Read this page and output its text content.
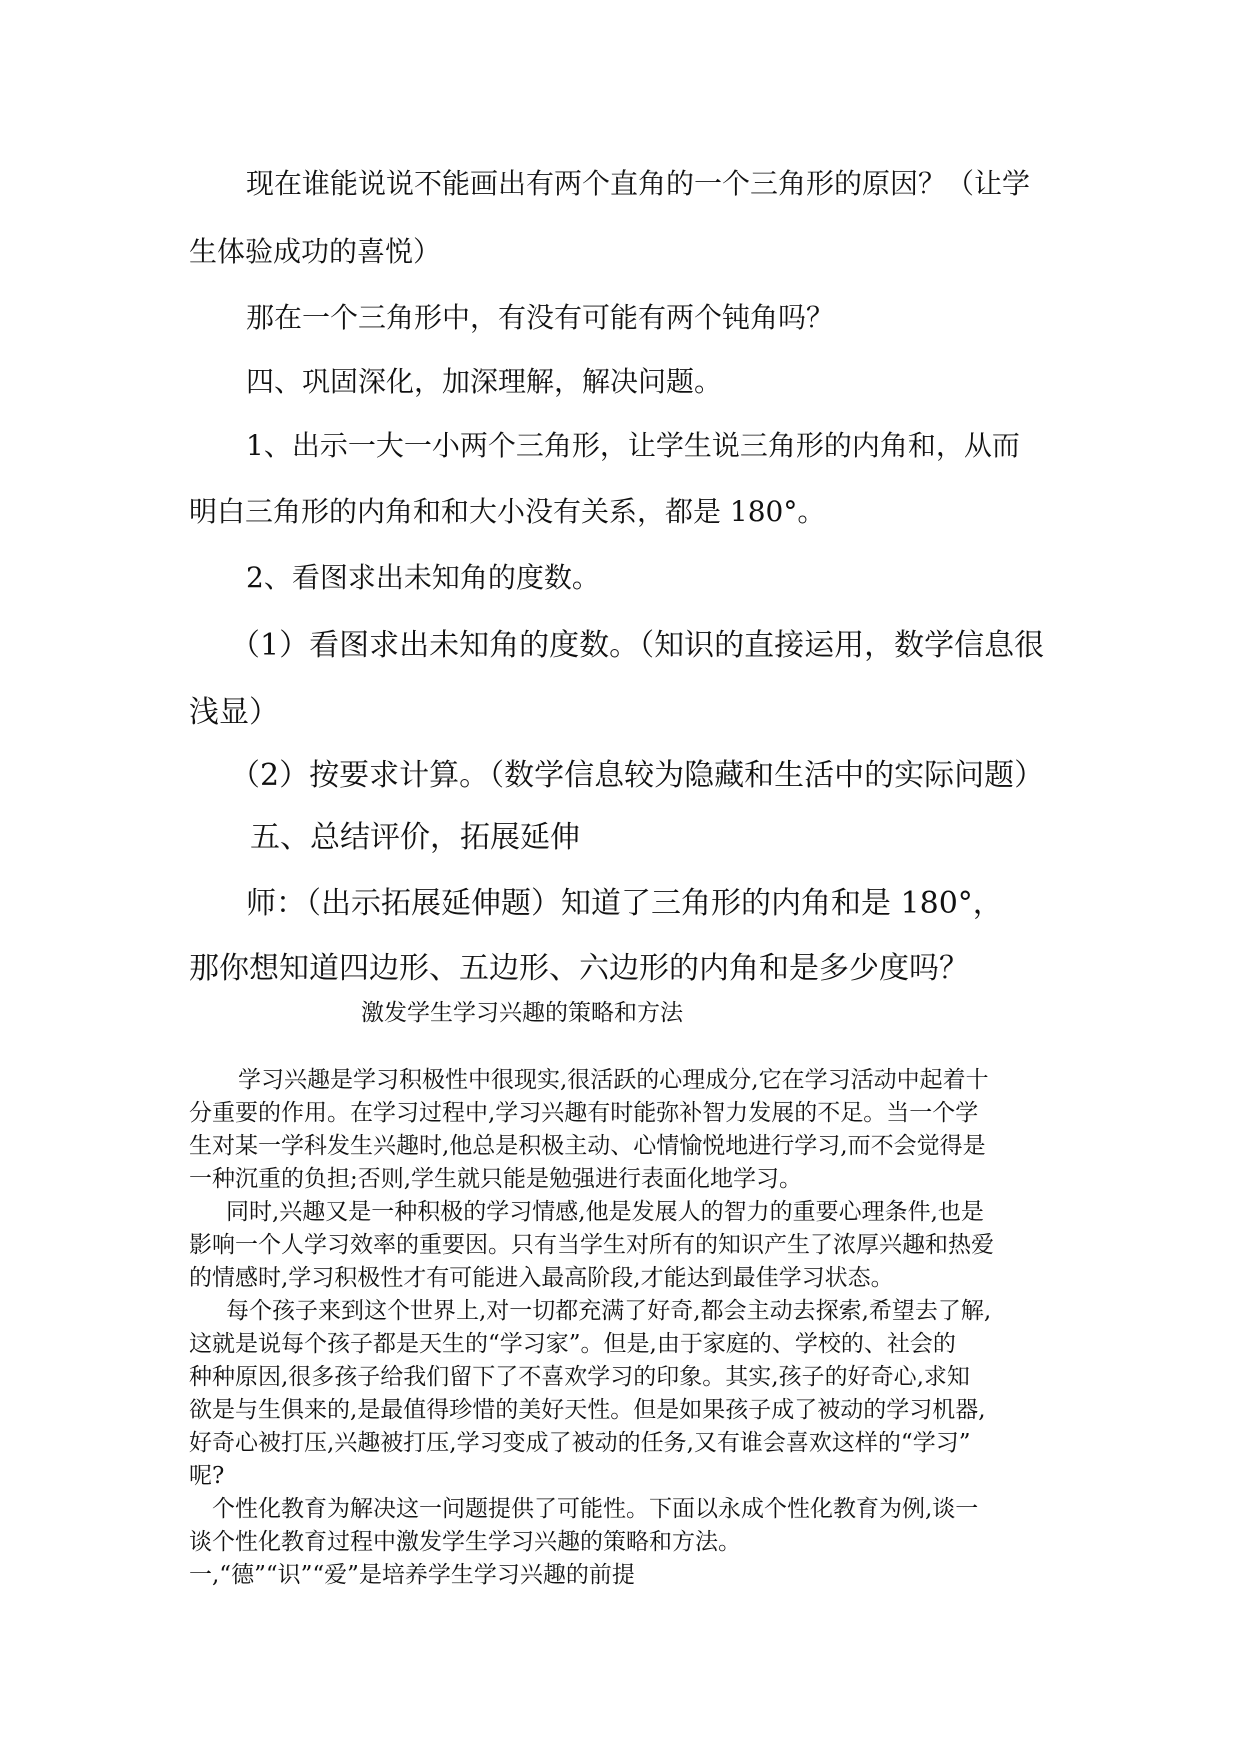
现在谁能说说不能画出有两个直角的一个三角形的原因？（让学

生体验成功的喜悦）

那在一个三角形中，有没有可能有两个钝角吗？

四、巩固深化，加深理解，解决问题。

1、出示一大一小两个三角形，让学生说三角形的内角和，从而

明白三角形的内角和和大小没有关系，都是 180°。

2、看图求出未知角的度数。

（1）看图求出未知角的度数。（知识的直接运用，数学信息很

浅显）

（2）按要求计算。（数学信息较为隐藏和生活中的实际问题）

五、总结评价，拓展延伸

师：（出示拓展延伸题）知道了三角形的内角和是 180°，

那你想知道四边形、五边形、六边形的内角和是多少度吗？

激发学生学习兴趣的策略和方法

学习兴趣是学习积极性中很现实,很活跃的心理成分,它在学习活动中起着十

分重要的作用。在学习过程中,学习兴趣有时能弥补智力发展的不足。当一个学

生对某一学科发生兴趣时,他总是积极主动、心情愉悦地进行学习,而不会觉得是

一种沉重的负担;否则,学生就只能是勉强进行表面化地学习。

同时,兴趣又是一种积极的学习情感,他是发展人的智力的重要心理条件,也是

影响一个人学习效率的重要因。只有当学生对所有的知识产生了浓厚兴趣和热爱

的情感时,学习积极性才有可能进入最高阶段,才能达到最佳学习状态。

每个孩子来到这个世界上,对一切都充满了好奇,都会主动去探索,希望去了解,

这就是说每个孩子都是天生的“学习家”。但是,由于家庭的、学校的、社会的

种种原因,很多孩子给我们留下了不喜欢学习的印象。其实,孩子的好奇心,求知

欲是与生俱来的,是最值得珍惜的美好天性。但是如果孩子成了被动的学习机器,

好奇心被打压,兴趣被打压,学习变成了被动的任务,又有谁会喜欢这样的“学习”

呢?

个性化教育为解决这一问题提供了可能性。下面以永成个性化教育为例,谈一

谈个性化教育过程中激发学生学习兴趣的策略和方法。

一,“德”“识”“爱”是培养学生学习兴趣的前提
